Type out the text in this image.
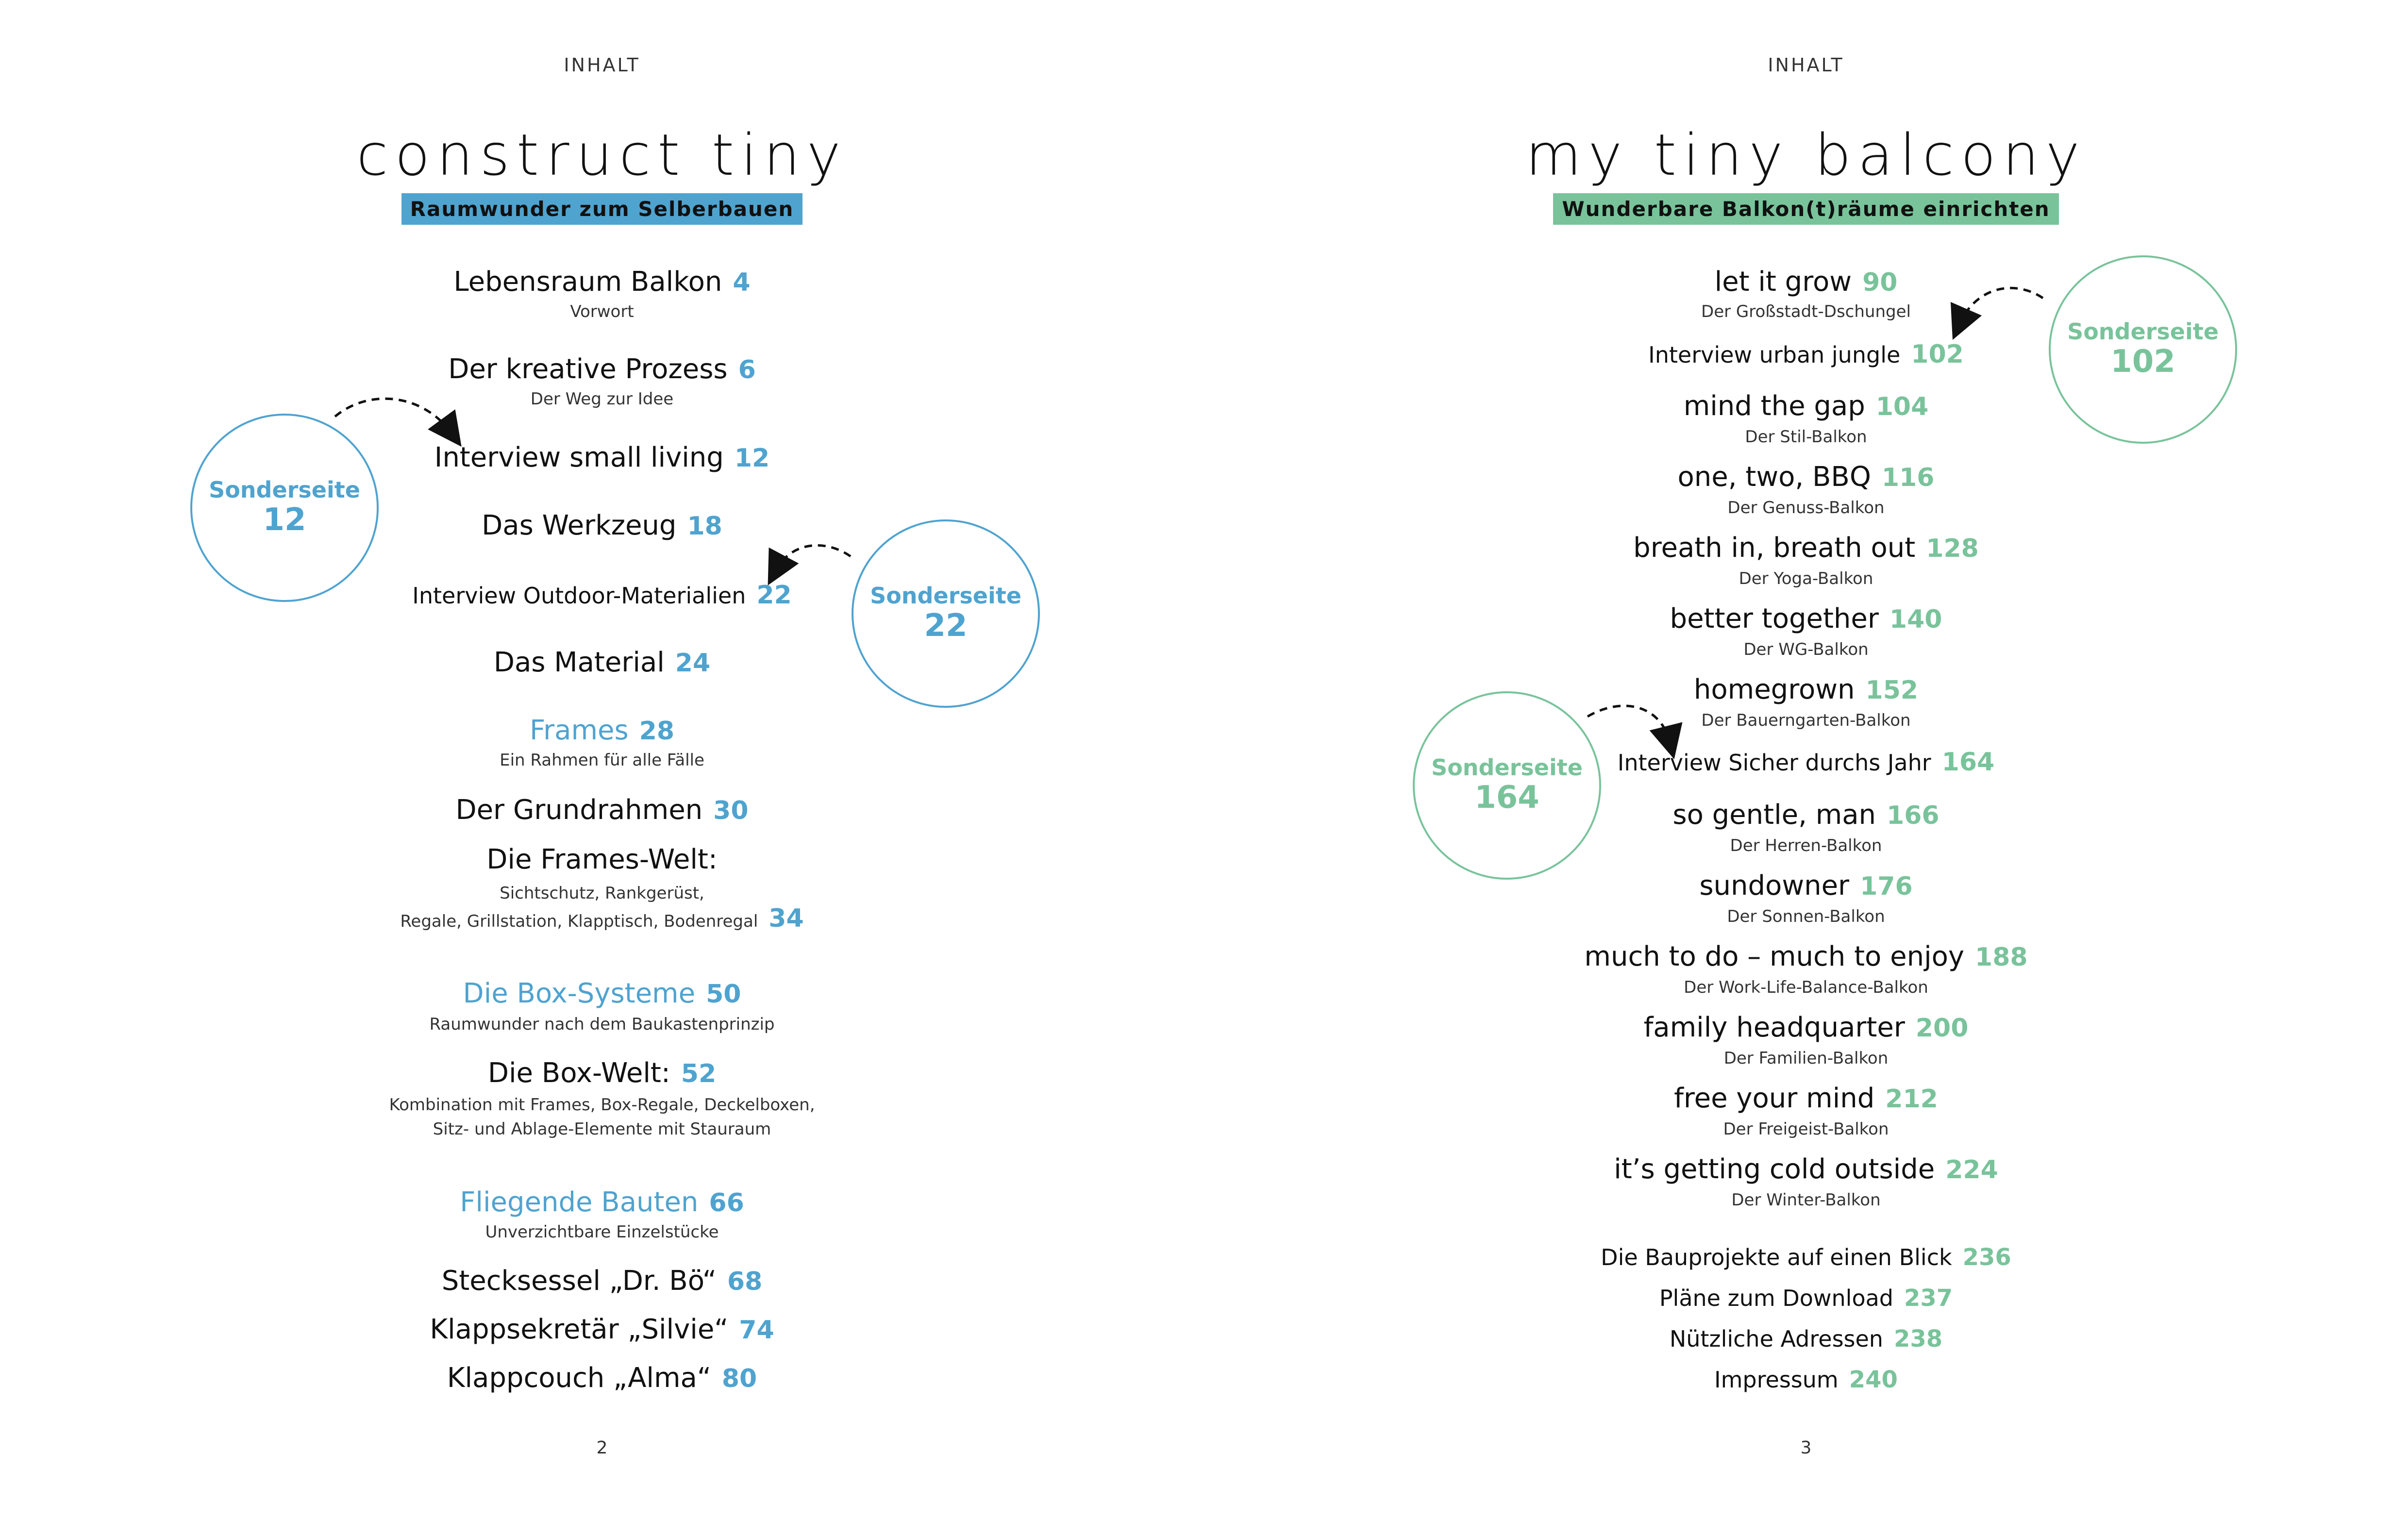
INHALT
construct tiny
Raumwunder zum Selberbauen
Lebensraum Balkon 4
Vorwort
Der kreative Prozess 6
Der Weg zur Idee
Interview small living 12
Das Werkzeug 18
Interview Outdoor-Materialien 22
Das Material 24
Frames 28
Ein Rahmen für alle Fälle
Der Grundrahmen 30
Die Frames-Welt:
Sichtschutz, Rankgerüst,
Regale, Grillstation, Klapptisch, Bodenregal 34
Die Box-Systeme 50
Raumwunder nach dem Baukastenprinzip
Die Box-Welt: 52
Kombination mit Frames, Box-Regale, Deckelboxen,
Sitz- und Ablage-Elemente mit Stauraum
Fliegende Bauten 66
Unverzichtbare Einzelstücke
Stecksessel „Dr. Bö“ 68
Klappsekretär „Silvie“ 74
Klappcouch „Alma“ 80
Sonderseite
12
Sonderseite
22
2
INHALT
my tiny balcony
Wunderbare Balkon(t)räume einrichten
let it grow 90
Der Großstadt-Dschungel
Interview urban jungle 102
mind the gap 104
Der Stil-Balkon
one, two, BBQ 116
Der Genuss-Balkon
breath in, breath out 128
Der Yoga-Balkon
better together 140
Der WG-Balkon
homegrown 152
Der Bauerngarten-Balkon
Interview Sicher durchs Jahr 164
so gentle, man 166
Der Herren-Balkon
sundowner 176
Der Sonnen-Balkon
much to do – much to enjoy 188
Der Work-Life-Balance-Balkon
family headquarter 200
Der Familien-Balkon
free your mind 212
Der Freigeist-Balkon
it’s getting cold outside 224
Der Winter-Balkon
Die Bauprojekte auf einen Blick 236
Pläne zum Download 237
Nützliche Adressen 238
Impressum 240
Sonderseite
102
Sonderseite
164
3
